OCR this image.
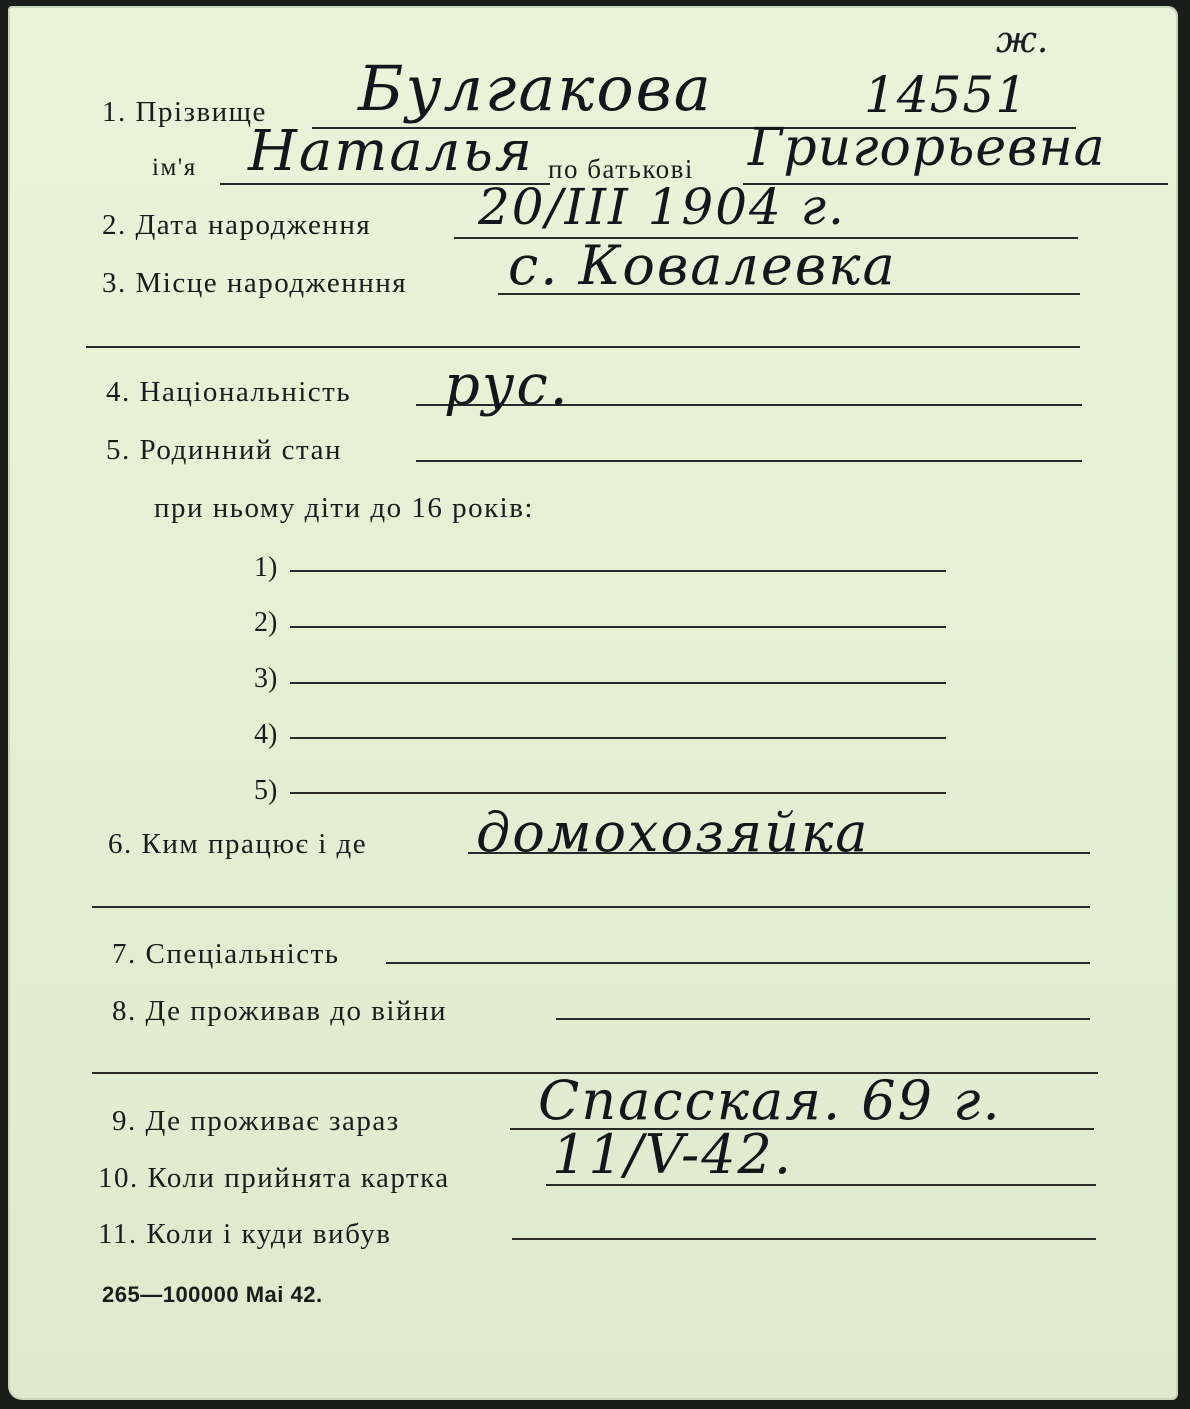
ж.
1. Прізвище Булгакова	14551
ім'я Наталья по батькові Григорьевна
2. Дата народження 20/III 1904 г.
3. Місце народженння с. Ковалевка
4. Національність рус.
5. Родинний стан
при ньому діти до 16 років:
1)
2)
3)
4)
5)
6. Ким працює і де домохозяйка
7. Спеціальність
8. Де проживав до війни
9. Де проживає зараз	Спасская. 69 г.
10. Коли прийнята картка 11/V-42.
11. Коли і куди вибув
265—100000 Mai 42.
